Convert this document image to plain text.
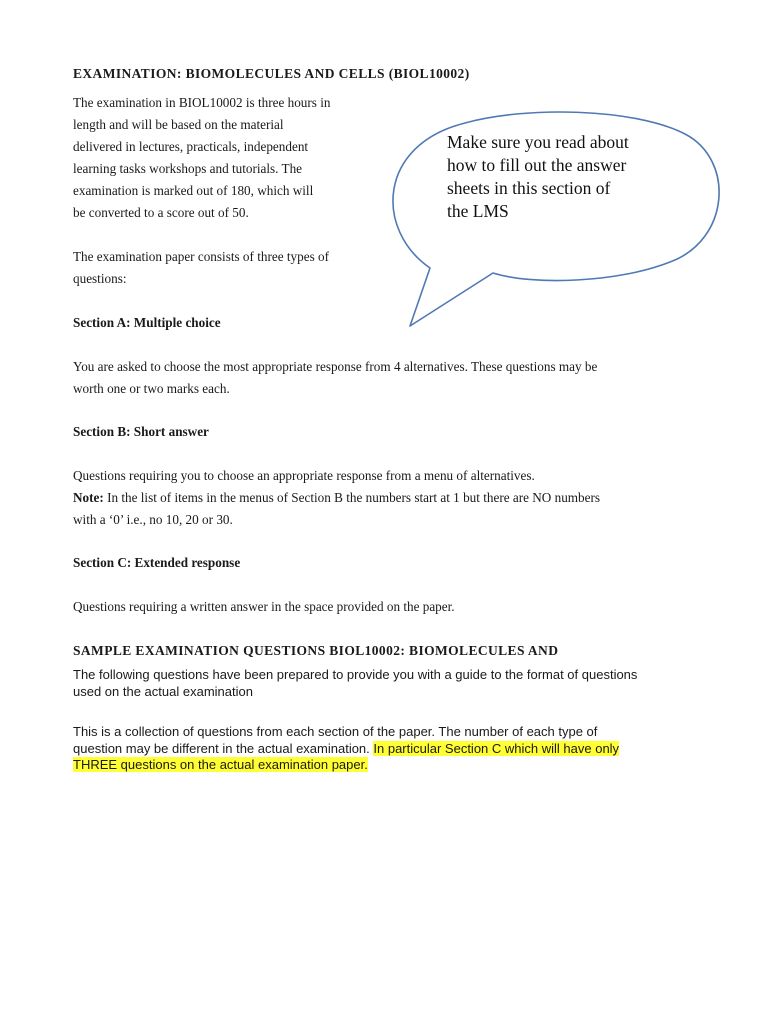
EXAMINATION: BIOMOLECULES AND CELLS (BIOL10002)

The examination in BIOL10002 is three hours in
length and will be based on the material
delivered in lectures, practicals, independent
learning tasks workshops and tutorials. The
examination is marked out of 180, which will
be converted to a score out of 50.
The examination paper consists of three types of
questions:
Make sure you read about
how to fill out the answer
sheets in this section of
the LMS

Section A: Multiple choice

You are asked to choose the most appropriate response from 4 alternatives. These questions may be
worth one or two marks each.

Section B: Short answer

Questions requiring you to choose an appropriate response from a menu of alternatives.
Note: In the list of items in the menus of Section B the numbers start at 1 but there are NO numbers
with a ‘0’ i.e., no 10, 20 or 30.

Section C: Extended response

Questions requiring a written answer in the space provided on the paper.

SAMPLE EXAMINATION QUESTIONS BIOL10002: BIOMOLECULES AND

The following questions have been prepared to provide you with a guide to the format of questions
used on the actual examination
This is a collection of questions from each section of the paper. The number of each type of
question may be different in the actual examination. In particular Section C which will have only
THREE questions on the actual examination paper.
